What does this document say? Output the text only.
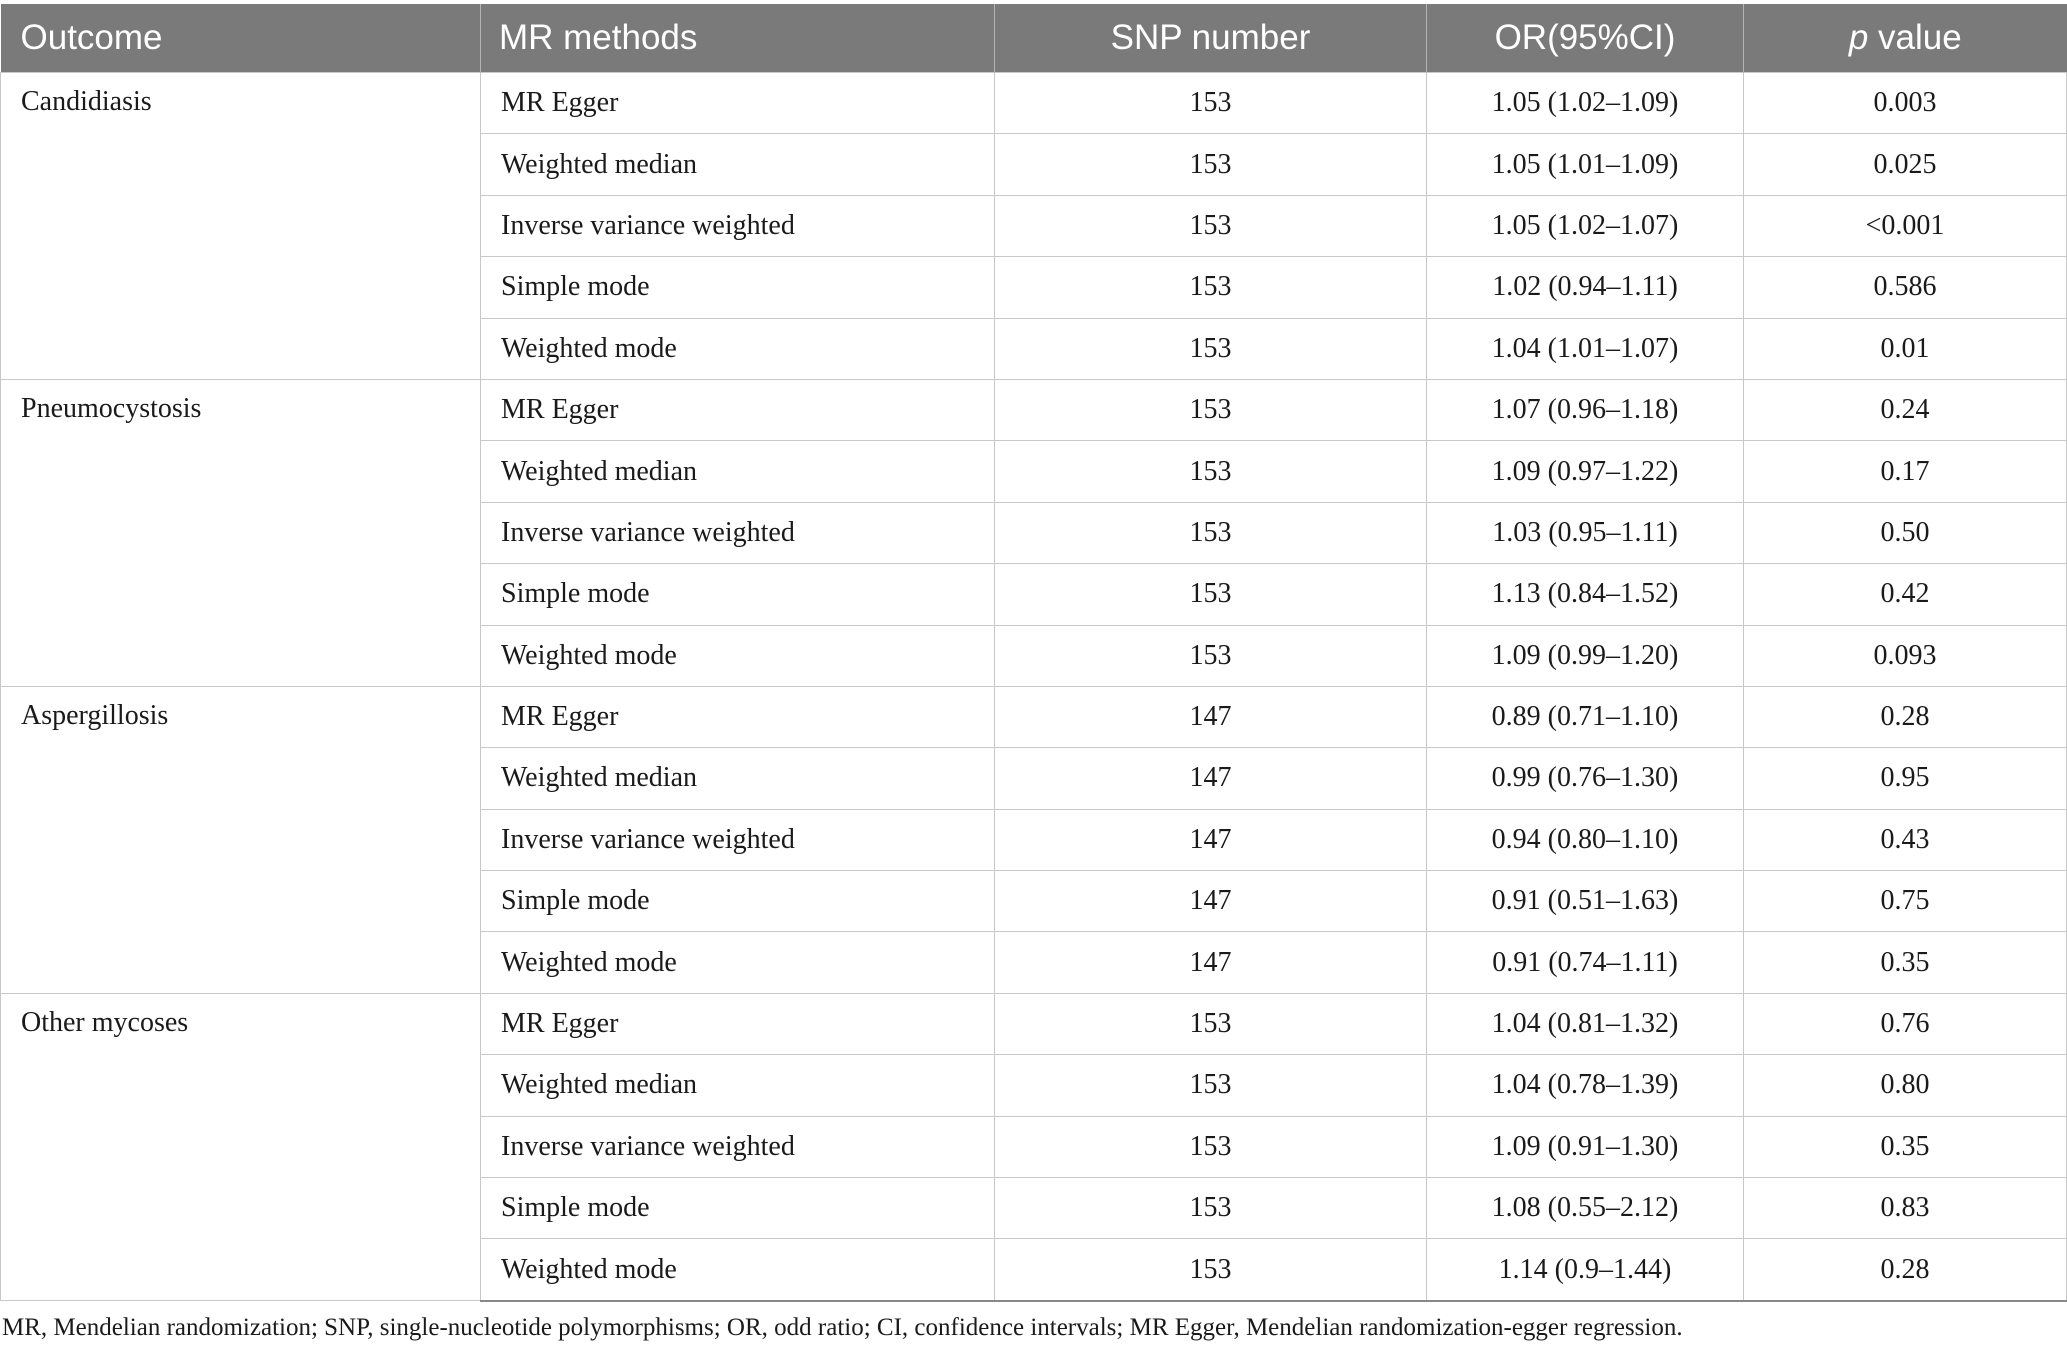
Outcome	MR methods	SNP number	OR(95%CI)	p value
Candidiasis	MR Egger	153	1.05 (1.02–1.09)	0.003
	Weighted median	153	1.05 (1.01–1.09)	0.025
	Inverse variance weighted	153	1.05 (1.02–1.07)	<0.001
	Simple mode	153	1.02 (0.94–1.11)	0.586
	Weighted mode	153	1.04 (1.01–1.07)	0.01
Pneumocystosis	MR Egger	153	1.07 (0.96–1.18)	0.24
	Weighted median	153	1.09 (0.97–1.22)	0.17
	Inverse variance weighted	153	1.03 (0.95–1.11)	0.50
	Simple mode	153	1.13 (0.84–1.52)	0.42
	Weighted mode	153	1.09 (0.99–1.20)	0.093
Aspergillosis	MR Egger	147	0.89 (0.71–1.10)	0.28
	Weighted median	147	0.99 (0.76–1.30)	0.95
	Inverse variance weighted	147	0.94 (0.80–1.10)	0.43
	Simple mode	147	0.91 (0.51–1.63)	0.75
	Weighted mode	147	0.91 (0.74–1.11)	0.35
Other mycoses	MR Egger	153	1.04 (0.81–1.32)	0.76
	Weighted median	153	1.04 (0.78–1.39)	0.80
	Inverse variance weighted	153	1.09 (0.91–1.30)	0.35
	Simple mode	153	1.08 (0.55–2.12)	0.83
	Weighted mode	153	1.14 (0.9–1.44)	0.28
MR, Mendelian randomization; SNP, single-nucleotide polymorphisms; OR, odd ratio; CI, confidence intervals; MR Egger, Mendelian randomization-egger regression.
